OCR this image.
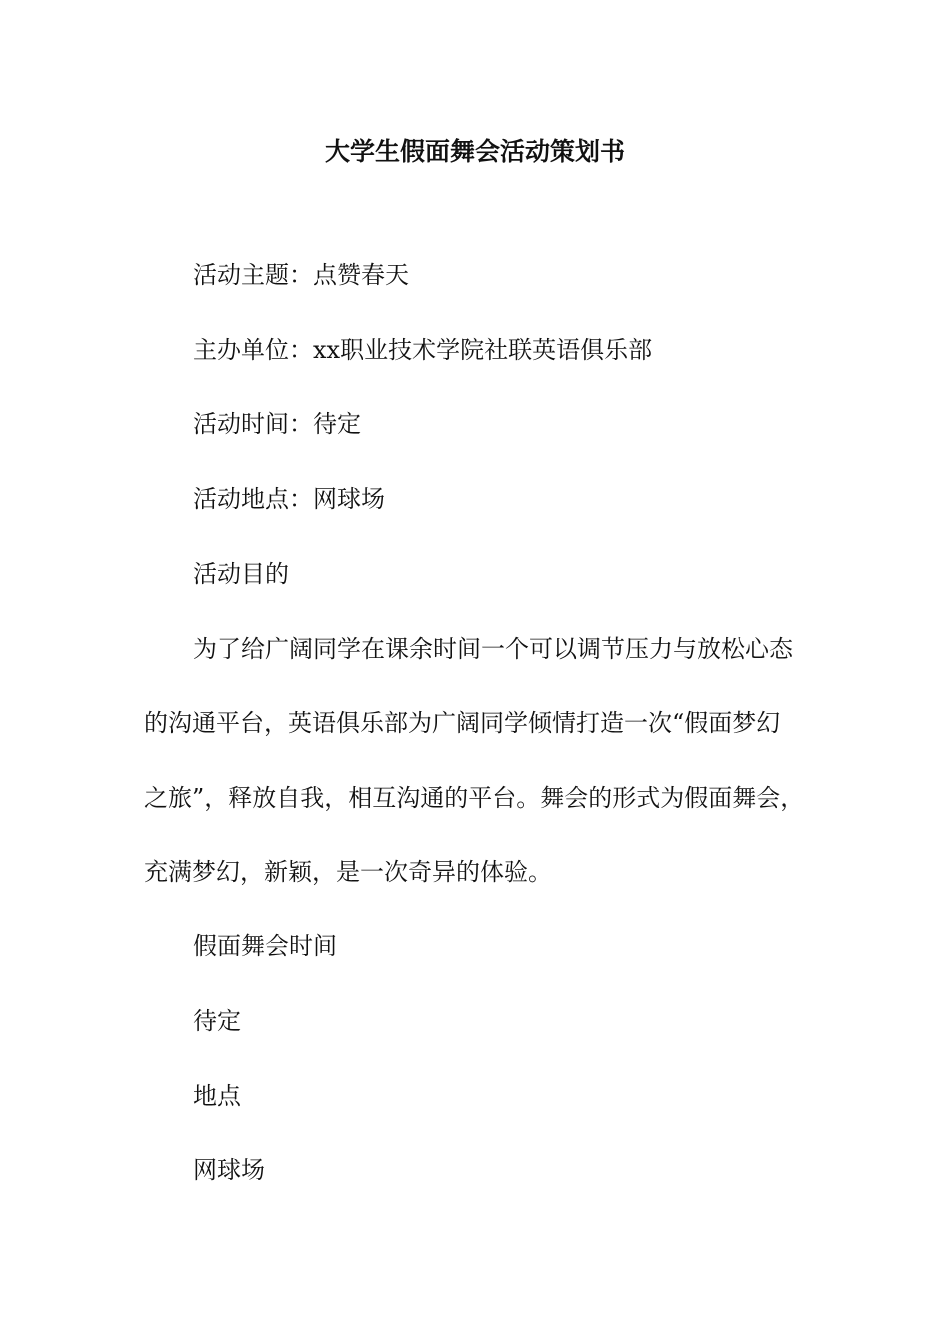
大学生假面舞会活动策划书
活动主题：点赞春天
主办单位：xx职业技术学院社联英语俱乐部
活动时间：待定
活动地点：网球场
活动目的
为了给广阔同学在课余时间一个可以调节压力与放松心态
的沟通平台，英语俱乐部为广阔同学倾情打造一次“假面梦幻
之旅”，释放自我，相互沟通的平台。舞会的形式为假面舞会，
充满梦幻，新颖，是一次奇异的体验。
假面舞会时间
待定
地点
网球场
